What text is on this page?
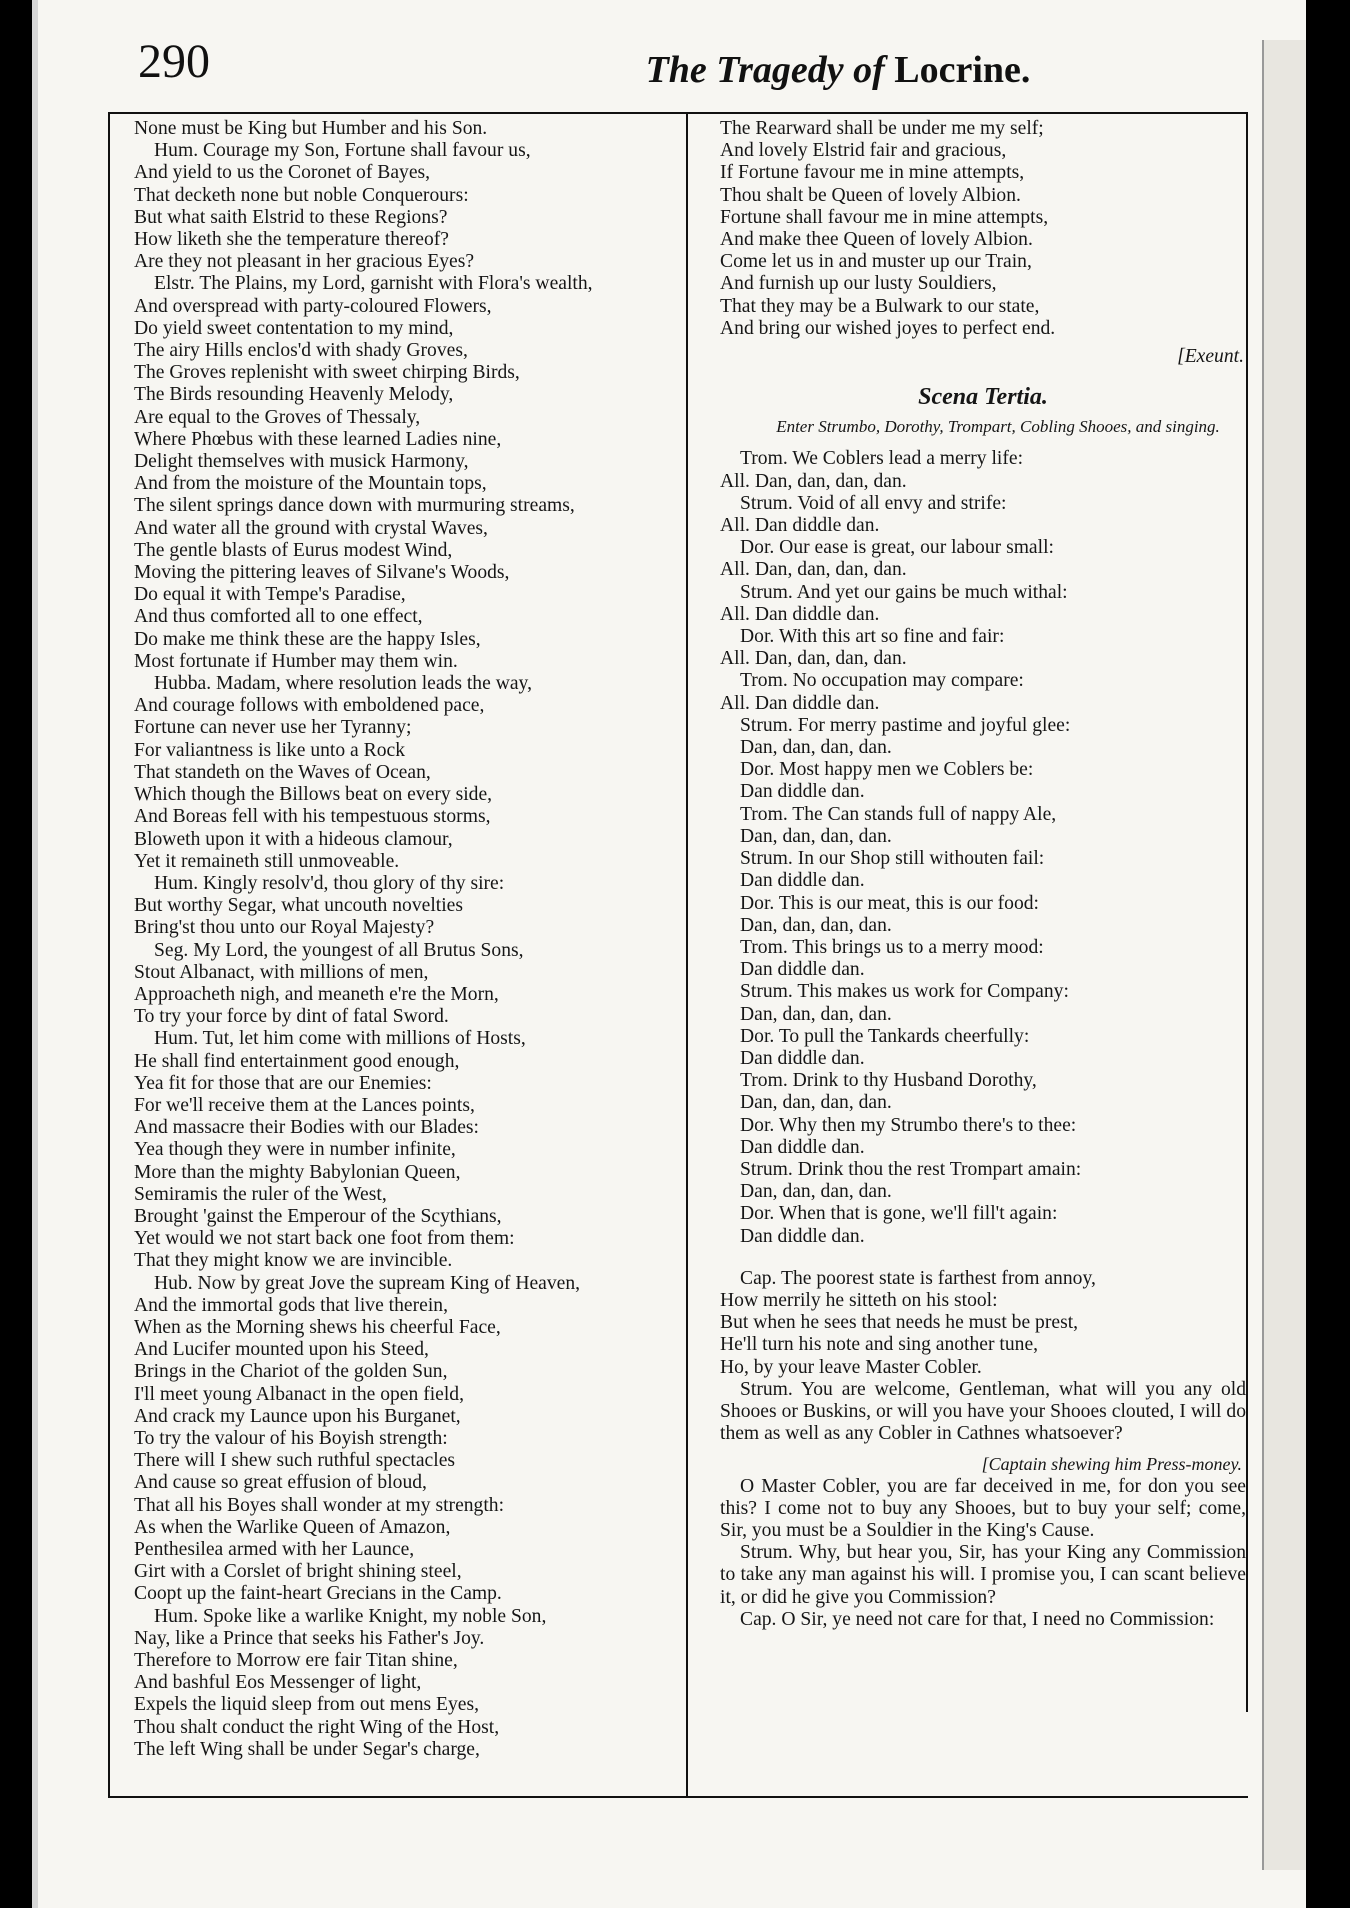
290	The Tragedy of Locrine.
None must be King but Humber and his Son.
Hum. Courage my Son, Fortune shall favour us,
And yield to us the Coronet of Bayes,
That decketh none but noble Conquerours:
But what saith Elstrid to these Regions?
How liketh she the temperature thereof?
Are they not pleasant in her gracious Eyes?
Elstr. The Plains, my Lord, garnisht with Flora's wealth,
And overspread with party-coloured Flowers,
Do yield sweet contentation to my mind,
The airy Hills enclos'd with shady Groves,
The Groves replenisht with sweet chirping Birds,
The Birds resounding Heavenly Melody,
Are equal to the Groves of Thessaly,
Where Phœbus with these learned Ladies nine,
Delight themselves with musick Harmony,
And from the moisture of the Mountain tops,
The silent springs dance down with murmuring streams,
And water all the ground with crystal Waves,
The gentle blasts of Eurus modest Wind,
Moving the pittering leaves of Silvane's Woods,
Do equal it with Tempe's Paradise,
And thus comforted all to one effect,
Do make me think these are the happy Isles,
Most fortunate if Humber may them win.
Hubba. Madam, where resolution leads the way,
And courage follows with emboldened pace,
Fortune can never use her Tyranny;
For valiantness is like unto a Rock
That standeth on the Waves of Ocean,
Which though the Billows beat on every side,
And Boreas fell with his tempestuous storms,
Bloweth upon it with a hideous clamour,
Yet it remaineth still unmoveable.
Hum. Kingly resolv'd, thou glory of thy sire:
But worthy Segar, what uncouth novelties
Bring'st thou unto our Royal Majesty?
Seg. My Lord, the youngest of all Brutus Sons,
Stout Albanact, with millions of men,
Approacheth nigh, and meaneth e're the Morn,
To try your force by dint of fatal Sword.
Hum. Tut, let him come with millions of Hosts,
He shall find entertainment good enough,
Yea fit for those that are our Enemies:
For we'll receive them at the Lances points,
And massacre their Bodies with our Blades:
Yea though they were in number infinite,
More than the mighty Babylonian Queen,
Semiramis the ruler of the West,
Brought 'gainst the Emperour of the Scythians,
Yet would we not start back one foot from them:
That they might know we are invincible.
Hub. Now by great Jove the supream King of Heaven,
And the immortal gods that live therein,
When as the Morning shews his cheerful Face,
And Lucifer mounted upon his Steed,
Brings in the Chariot of the golden Sun,
I'll meet young Albanact in the open field,
And crack my Launce upon his Burganet,
To try the valour of his Boyish strength:
There will I shew such ruthful spectacles
And cause so great effusion of bloud,
That all his Boyes shall wonder at my strength:
As when the Warlike Queen of Amazon,
Penthesilea armed with her Launce,
Girt with a Corslet of bright shining steel,
Coopt up the faint-heart Grecians in the Camp.
Hum. Spoke like a warlike Knight, my noble Son,
Nay, like a Prince that seeks his Father's Joy.
Therefore to Morrow ere fair Titan shine,
And bashful Eos Messenger of light,
Expels the liquid sleep from out mens Eyes,
Thou shalt conduct the right Wing of the Host,
The left Wing shall be under Segar's charge,
The Rearward shall be under me my self;
And lovely Elstrid fair and gracious,
If Fortune favour me in mine attempts,
Thou shalt be Queen of lovely Albion.
Fortune shall favour me in mine attempts,
And make thee Queen of lovely Albion.
Come let us in and muster up our Train,
And furnish up our lusty Souldiers,
That they may be a Bulwark to our state,
And bring our wished joyes to perfect end.
[Exeunt.
Scena Tertia.
Enter Strumbo, Dorothy, Trompart, Cobling Shooes, and singing.
Trom. We Coblers lead a merry life:
All. Dan, dan, dan, dan.
Strum. Void of all envy and strife:
All. Dan diddle dan.
Dor. Our ease is great, our labour small:
All. Dan, dan, dan, dan.
Strum. And yet our gains be much withal:
All. Dan diddle dan.
Dor. With this art so fine and fair:
All. Dan, dan, dan, dan.
Trom. No occupation may compare:
All. Dan diddle dan.
Strum. For merry pastime and joyful glee:
Dan, dan, dan, dan.
Dor. Most happy men we Coblers be:
Dan diddle dan.
Trom. The Can stands full of nappy Ale,
Dan, dan, dan, dan.
Strum. In our Shop still withouten fail:
Dan diddle dan.
Dor. This is our meat, this is our food:
Dan, dan, dan, dan.
Trom. This brings us to a merry mood:
Dan diddle dan.
Strum. This makes us work for Company:
Dan, dan, dan, dan.
Dor. To pull the Tankards cheerfully:
Dan diddle dan.
Trom. Drink to thy Husband Dorothy,
Dan, dan, dan, dan.
Dor. Why then my Strumbo there's to thee:
Dan diddle dan.
Strum. Drink thou the rest Trompart amain:
Dan, dan, dan, dan.
Dor. When that is gone, we'll fill't again:
Dan diddle dan.
Cap. The poorest state is farthest from annoy,
How merrily he sitteth on his stool:
But when he sees that needs he must be prest,
He'll turn his note and sing another tune,
Ho, by your leave Master Cobler.
Strum. You are welcome, Gentleman, what will you any old Shooes or Buskins, or will you have your Shooes clouted, I will do them as well as any Cobler in Cathnes whatsoever?
[Captain shewing him Press-money.
O Master Cobler, you are far deceived in me, for don you see this? I come not to buy any Shooes, but to buy your self; come, Sir, you must be a Souldier in the King's Cause.
Strum. Why, but hear you, Sir, has your King any Commission to take any man against his will. I promise you, I can scant believe it, or did he give you Commission?
Cap. O Sir, ye need not care for that, I need no Commission:
